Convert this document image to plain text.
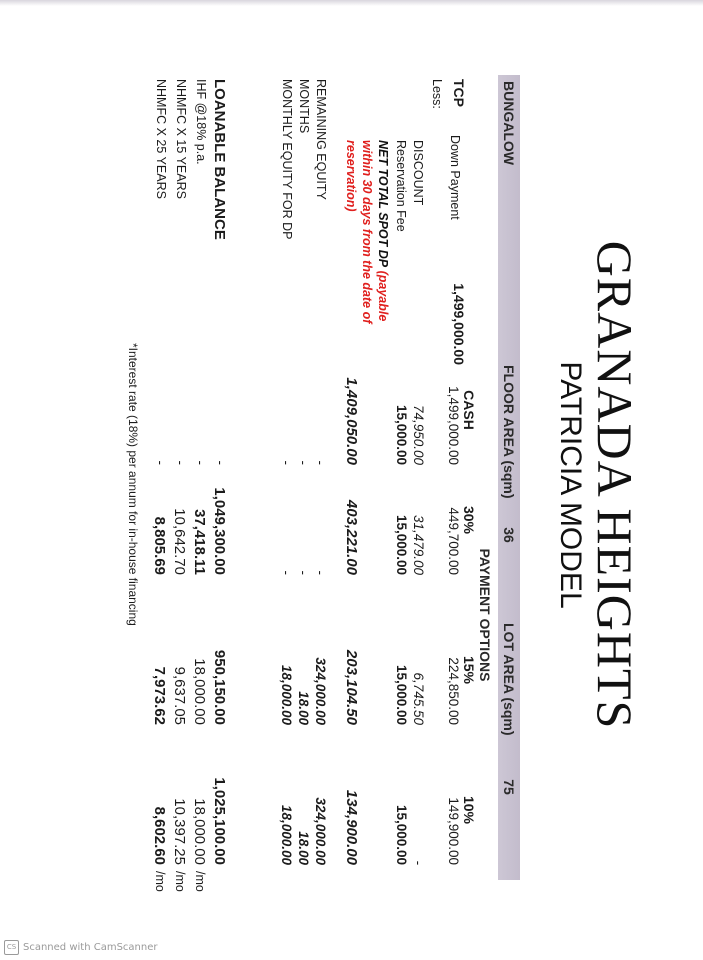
GRANADA HEIGHTS
PATRICIA MODEL
BUNGALOW
FLOOR AREA (sqm)
36
LOT AREA (sqm)
75
PAYMENT OPTIONS
CASH
30%
15%
10%
TCP
1,499,000.00
Down Payment
1,499,000.00
449,700.00
224,850.00
149,900.00
Less:
DISCOUNT
74,950.00
31,479.00
6,745.50
-
Reservation Fee
15,000.00
15,000.00
15,000.00
15,000.00
NET TOTAL SPOT DP (payable
within 30 days from the date of
reservation)
1,409,050.00
403,221.00
203,104.50
134,900.00
REMAINING EQUITY
-
-
324,000.00
324,000.00
MONTHS
-
-
18.00
18.00
MONTHLY EQUITY FOR DP
-
-
18,000.00
18,000.00
LOANABLE BALANCE
-
1,049,300.00
950,150.00
1,025,100.00
IHF @18% p.a.
-
37,418.11
18,000.00
18,000.00
/mo
NHMFC X 15 YEARS
-
10,642.70
9,637.05
10,397.25
/mo
NHMFC X 25 YEARS
-
8,805.69
7,973.62
8,602.60
/mo
*Interest rate (18%) per annum for in-house financing
CS Scanned with CamScanner
